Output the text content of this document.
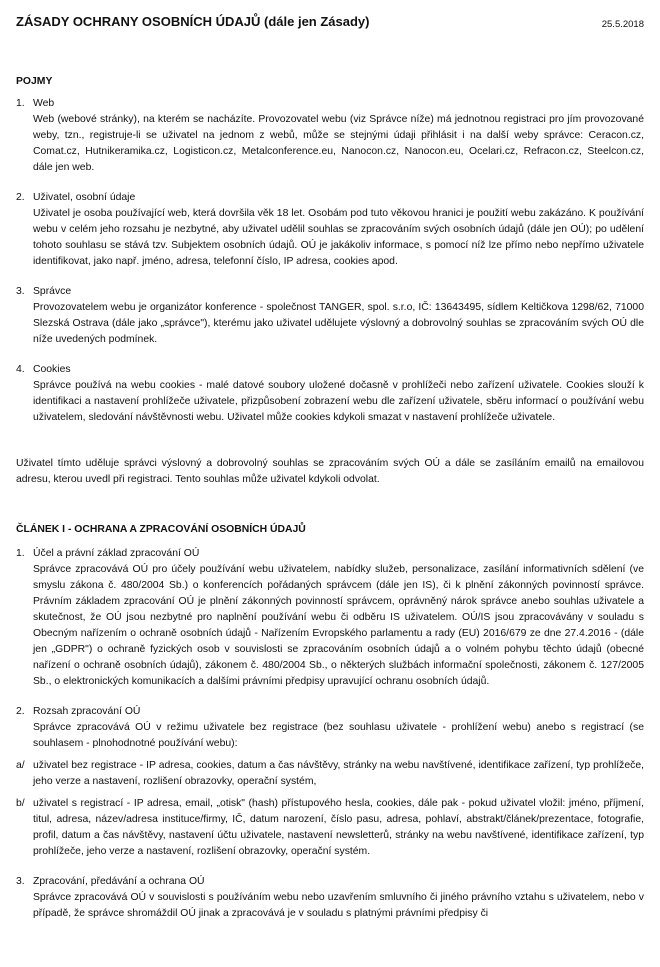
ZÁSADY OCHRANY OSOBNÍCH ÚDAJŮ (dále jen Zásady)	25.5.2018
POJMY
1. Web
Web (webové stránky), na kterém se nacházíte. Provozovatel webu (viz Správce níže) má jednotnou registraci pro jím provozované weby, tzn., registruje-li se uživatel na jednom z webů, může se stejnými údaji přihlásit i na další weby správce: Ceracon.cz, Comat.cz, Hutnikeramika.cz, Logisticon.cz, Metalconference.eu, Nanocon.cz, Nanocon.eu, Ocelari.cz, Refracon.cz, Steelcon.cz, dále jen web.
2. Uživatel, osobní údaje
Uživatel je osoba používající web, která dovršila věk 18 let. Osobám pod tuto věkovou hranici je použití webu zakázáno. K používání webu v celém jeho rozsahu je nezbytné, aby uživatel udělil souhlas se zpracováním svých osobních údajů (dále jen OÚ); po udělení tohoto souhlasu se stává tzv. Subjektem osobních údajů. OÚ je jakákoliv informace, s pomocí níž lze přímo nebo nepřímo uživatele identifikovat, jako např. jméno, adresa, telefonní číslo, IP adresa, cookies apod.
3. Správce
Provozovatelem webu je organizátor konference - společnost TANGER, spol. s.r.o, IČ: 13643495, sídlem Keltičkova 1298/62, 71000 Slezská Ostrava (dále jako „správce"), kterému jako uživatel udělujete výslovný a dobrovolný souhlas se zpracováním svých OÚ dle níže uvedených podmínek.
4. Cookies
Správce používá na webu cookies - malé datové soubory uložené dočasně v prohlížeči nebo zařízení uživatele. Cookies slouží k identifikaci a nastavení prohlížeče uživatele, přizpůsobení zobrazení webu dle zařízení uživatele, sběru informací o používání webu uživatelem, sledování návštěvnosti webu. Uživatel může cookies kdykoli smazat v nastavení prohlížeče uživatele.
Uživatel tímto uděluje správci výslovný a dobrovolný souhlas se zpracováním svých OÚ a dále se zasíláním emailů na emailovou adresu, kterou uvedl při registraci. Tento souhlas může uživatel kdykoli odvolat.
ČLÁNEK I - OCHRANA A ZPRACOVÁNÍ OSOBNÍCH ÚDAJŮ
1. Účel a právní základ zpracování OÚ
Správce zpracovává OÚ pro účely používání webu uživatelem, nabídky služeb, personalizace, zasílání informativních sdělení (ve smyslu zákona č. 480/2004 Sb.) o konferencích pořádaných správcem (dále jen IS), či k plnění zákonných povinností správce. Právním základem zpracování OÚ je plnění zákonných povinností správcem, oprávněný nárok správce anebo souhlas uživatele a skutečnost, že OÚ jsou nezbytné pro naplnění používání webu či odběru IS uživatelem. OÚ/IS jsou zpracovávány v souladu s Obecným nařízením o ochraně osobních údajů - Nařízením Evropského parlamentu a rady (EU) 2016/679 ze dne 27.4.2016 - (dále jen „GDPR") o ochraně fyzických osob v souvislosti se zpracováním osobních údajů a o volném pohybu těchto údajů (obecné nařízení o ochraně osobních údajů), zákonem č. 480/2004 Sb., o některých službách informační společnosti, zákonem č. 127/2005 Sb., o elektronických komunikacích a dalšími právními předpisy upravující ochranu osobních údajů.
2. Rozsah zpracování OÚ
Správce zpracovává OÚ v režimu uživatele bez registrace (bez souhlasu uživatele - prohlížení webu) anebo s registrací (se souhlasem - plnohodnotné používání webu):
a/ uživatel bez registrace - IP adresa, cookies, datum a čas návštěvy, stránky na webu navštívené, identifikace zařízení, typ prohlížeče, jeho verze a nastavení, rozlišení obrazovky, operační systém,
b/ uživatel s registrací - IP adresa, email, „otisk" (hash) přístupového hesla, cookies, dále pak - pokud uživatel vložil: jméno, příjmení, titul, adresa, název/adresa instituce/firmy, IČ, datum narození, číslo pasu, adresa, pohlaví, abstrakt/článek/prezentace, fotografie, profil, datum a čas návštěvy, nastavení účtu uživatele, nastavení newsletterů, stránky na webu navštívené, identifikace zařízení, typ prohlížeče, jeho verze a nastavení, rozlišení obrazovky, operační systém.
3. Zpracování, předávání a ochrana OÚ
Správce zpracovává OÚ v souvislosti s používáním webu nebo uzavřením smluvního či jiného právního vztahu s uživatelem, nebo v případě, že správce shromáždil OÚ jinak a zpracovává je v souladu s platnými právními předpisy či
